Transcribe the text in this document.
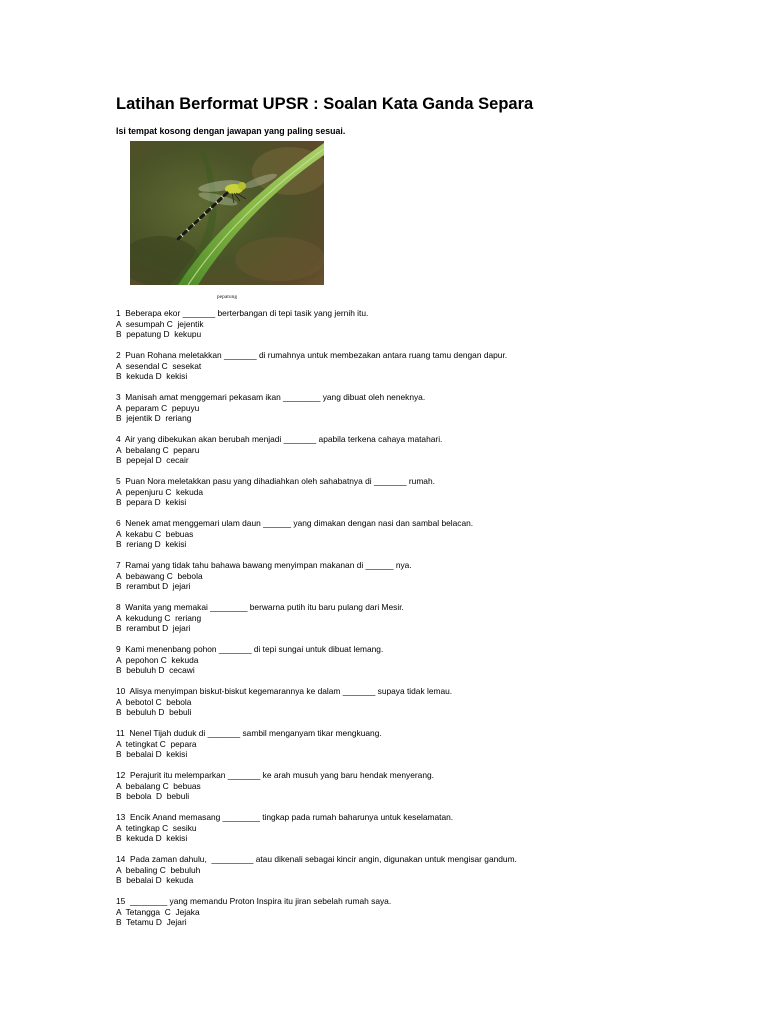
Latihan Berformat UPSR : Soalan Kata Ganda Separa
Isi tempat kosong dengan jawapan yang paling sesuai.
pepatung
1  Beberapa ekor _______ berterbangan di tepi tasik yang jernih itu.
A  sesumpah C  jejentik
B  pepatung D  kekupu
2  Puan Rohana meletakkan _______ di rumahnya untuk membezakan antara ruang tamu dengan dapur.
A  sesendal C  sesekat
B  kekuda D  kekisi
3  Manisah amat menggemari pekasam ikan ________ yang dibuat oleh neneknya.
A  peparam C  pepuyu
B  jejentik D  reriang
4  Air yang dibekukan akan berubah menjadi _______ apabila terkena cahaya matahari.
A  bebalang C  peparu
B  pepejal D  cecair
5  Puan Nora meletakkan pasu yang dihadiahkan oleh sahabatnya di _______ rumah.
A  pepenjuru C  kekuda
B  pepara D  kekisi
6  Nenek amat menggemari ulam daun ______ yang dimakan dengan nasi dan sambal belacan.
A  kekabu C  bebuas
B  reriang D  kekisi
7  Ramai yang tidak tahu bahawa bawang menyimpan makanan di ______ nya.
A  bebawang C  bebola
B  rerambut D  jejari
8  Wanita yang memakai ________ berwarna putih itu baru pulang dari Mesir.
A  kekudung C  reriang
B  rerambut D  jejari
9  Kami menenbang pohon _______ di tepi sungai untuk dibuat lemang.
A  pepohon C  kekuda
B  bebuluh D  cecawi
10  Alisya menyimpan biskut-biskut kegemarannya ke dalam _______ supaya tidak lemau.
A  bebotol C  bebola
B  bebuluh D  bebuli
11  Nenel Tijah duduk di _______ sambil menganyam tikar mengkuang.
A  tetingkat C  pepara
B  bebalai D  kekisi
12  Perajurit itu melemparkan _______ ke arah musuh yang baru hendak menyerang.
A  bebalang C  bebuas
B  bebola  D  bebuli
13  Encik Anand memasang ________ tingkap pada rumah baharunya untuk keselamatan.
A  tetingkap C  sesiku
B  kekuda D  kekisi
14  Pada zaman dahulu,  _________ atau dikenali sebagai kincir angin, digunakan untuk mengisar gandum.
A  bebaling C  bebuluh
B  bebalai D  kekuda
15  ________ yang memandu Proton Inspira itu jiran sebelah rumah saya.
A  Tetangga  C  Jejaka
B  Tetamu D  Jejari
